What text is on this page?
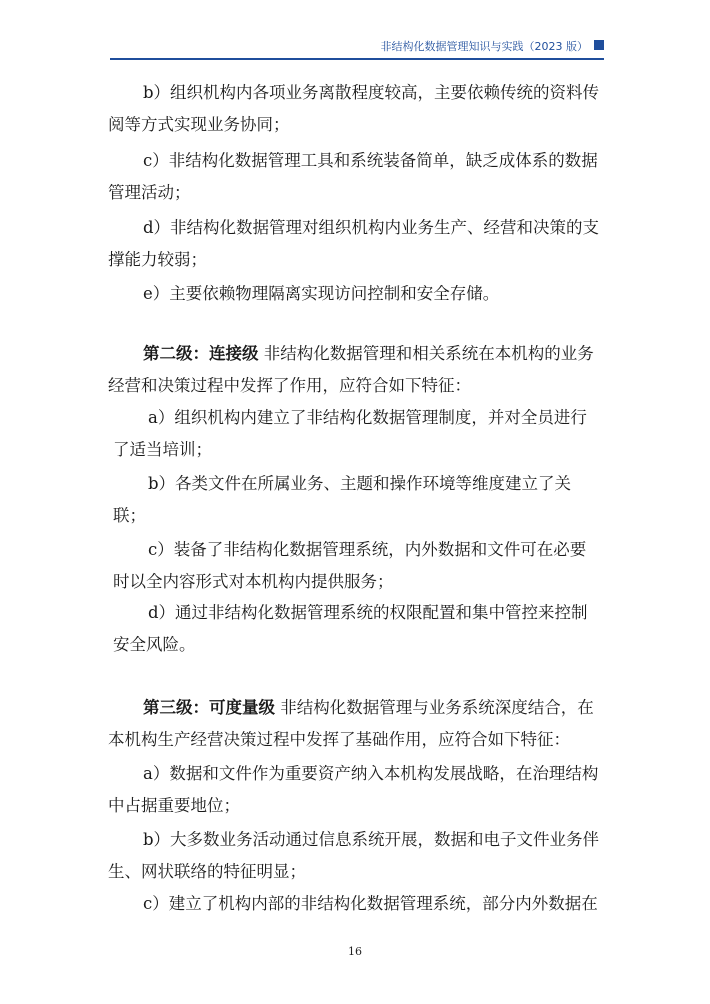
非结构化数据管理知识与实践（2023 版）
b）组织机构内各项业务离散程度较高，主要依赖传统的资料传
阅等方式实现业务协同；
c）非结构化数据管理工具和系统装备简单，缺乏成体系的数据
管理活动；
d）非结构化数据管理对组织机构内业务生产、经营和决策的支
撑能力较弱；
e）主要依赖物理隔离实现访问控制和安全存储。
第二级：连接级 非结构化数据管理和相关系统在本机构的业务
经营和决策过程中发挥了作用，应符合如下特征：
a）组织机构内建立了非结构化数据管理制度，并对全员进行
了适当培训；
b）各类文件在所属业务、主题和操作环境等维度建立了关
联；
c）装备了非结构化数据管理系统，内外数据和文件可在必要
时以全内容形式对本机构内提供服务；
d）通过非结构化数据管理系统的权限配置和集中管控来控制
安全风险。
第三级：可度量级 非结构化数据管理与业务系统深度结合，在
本机构生产经营决策过程中发挥了基础作用，应符合如下特征：
a）数据和文件作为重要资产纳入本机构发展战略，在治理结构
中占据重要地位；
b）大多数业务活动通过信息系统开展，数据和电子文件业务伴
生、网状联络的特征明显；
c）建立了机构内部的非结构化数据管理系统，部分内外数据在
16
